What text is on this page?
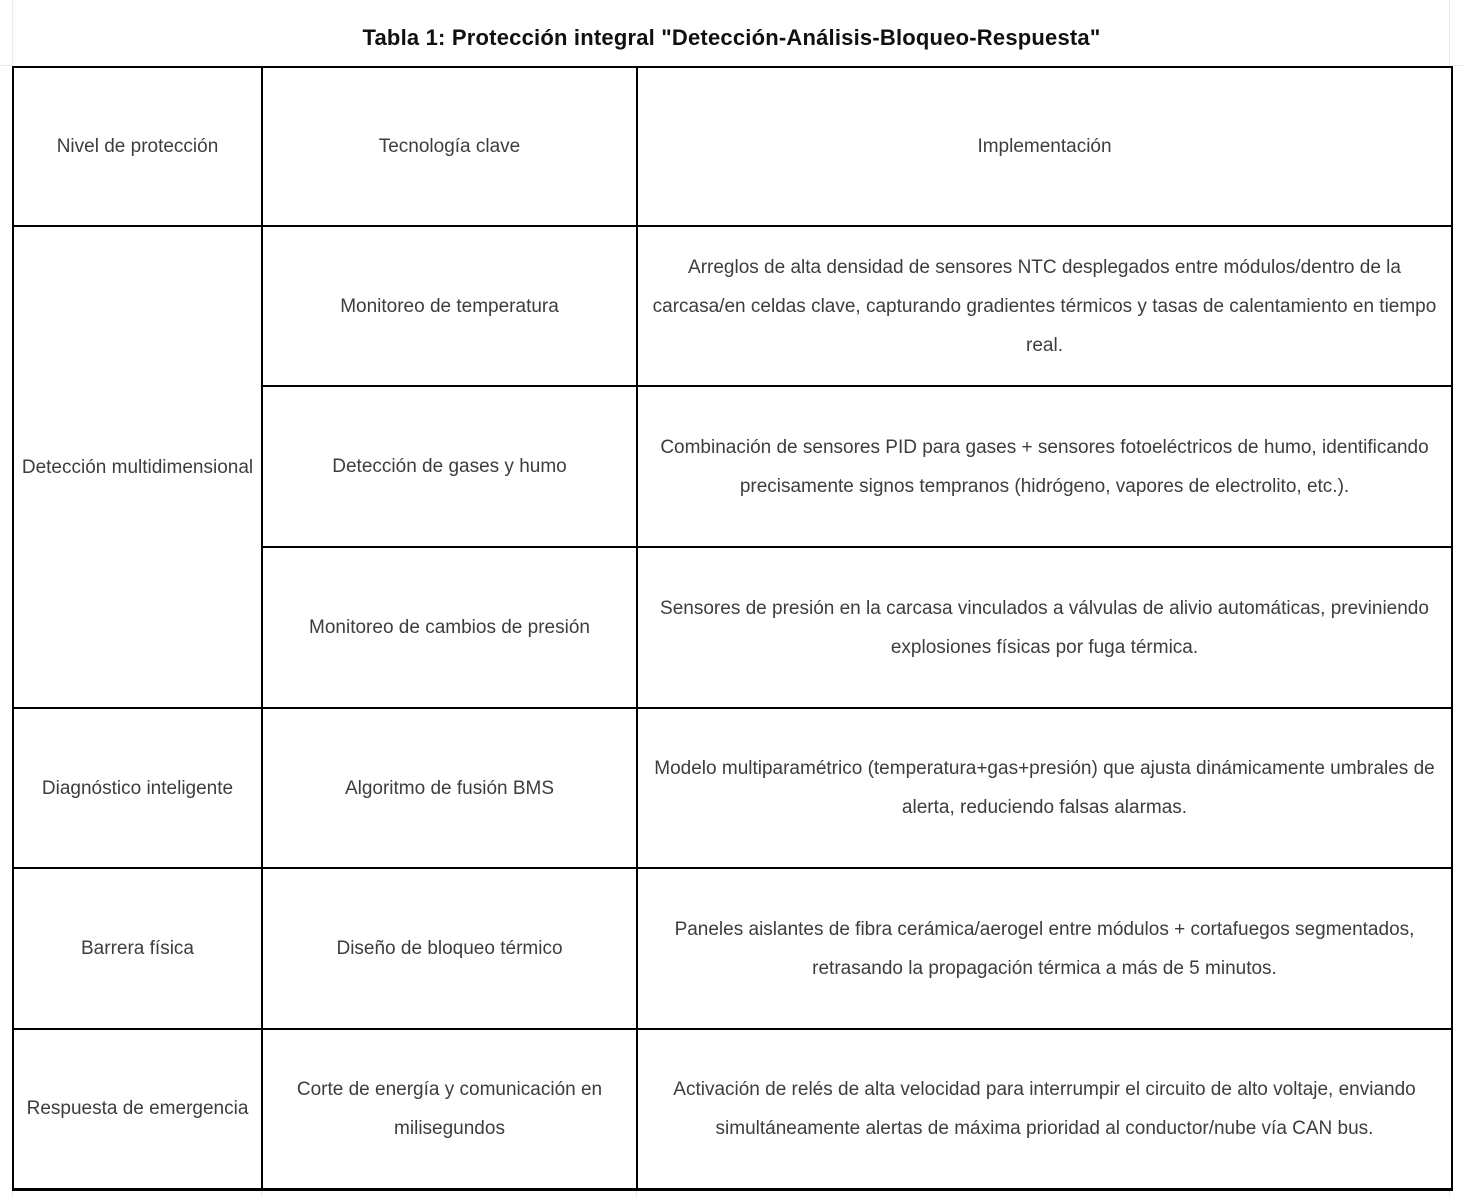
Tabla 1: Protección integral "Detección-Análisis-Bloqueo-Respuesta"
Nivel de protección	Tecnología clave	Implementación
Detección multidimensional	Monitoreo de temperatura	Arreglos de alta densidad de sensores NTC desplegados entre módulos/dentro de la carcasa/en celdas clave, capturando gradientes térmicos y tasas de calentamiento en tiempo real.
	Detección de gases y humo	Combinación de sensores PID para gases + sensores fotoeléctricos de humo, identificando precisamente signos tempranos (hidrógeno, vapores de electrolito, etc.).
	Monitoreo de cambios de presión	Sensores de presión en la carcasa vinculados a válvulas de alivio automáticas, previniendo explosiones físicas por fuga térmica.
Diagnóstico inteligente	Algoritmo de fusión BMS	Modelo multiparamétrico (temperatura+gas+presión) que ajusta dinámicamente umbrales de alerta, reduciendo falsas alarmas.
Barrera física	Diseño de bloqueo térmico	Paneles aislantes de fibra cerámica/aerogel entre módulos + cortafuegos segmentados, retrasando la propagación térmica a más de 5 minutos.
Respuesta de emergencia	Corte de energía y comunicación en milisegundos	Activación de relés de alta velocidad para interrumpir el circuito de alto voltaje, enviando simultáneamente alertas de máxima prioridad al conductor/nube vía CAN bus.
